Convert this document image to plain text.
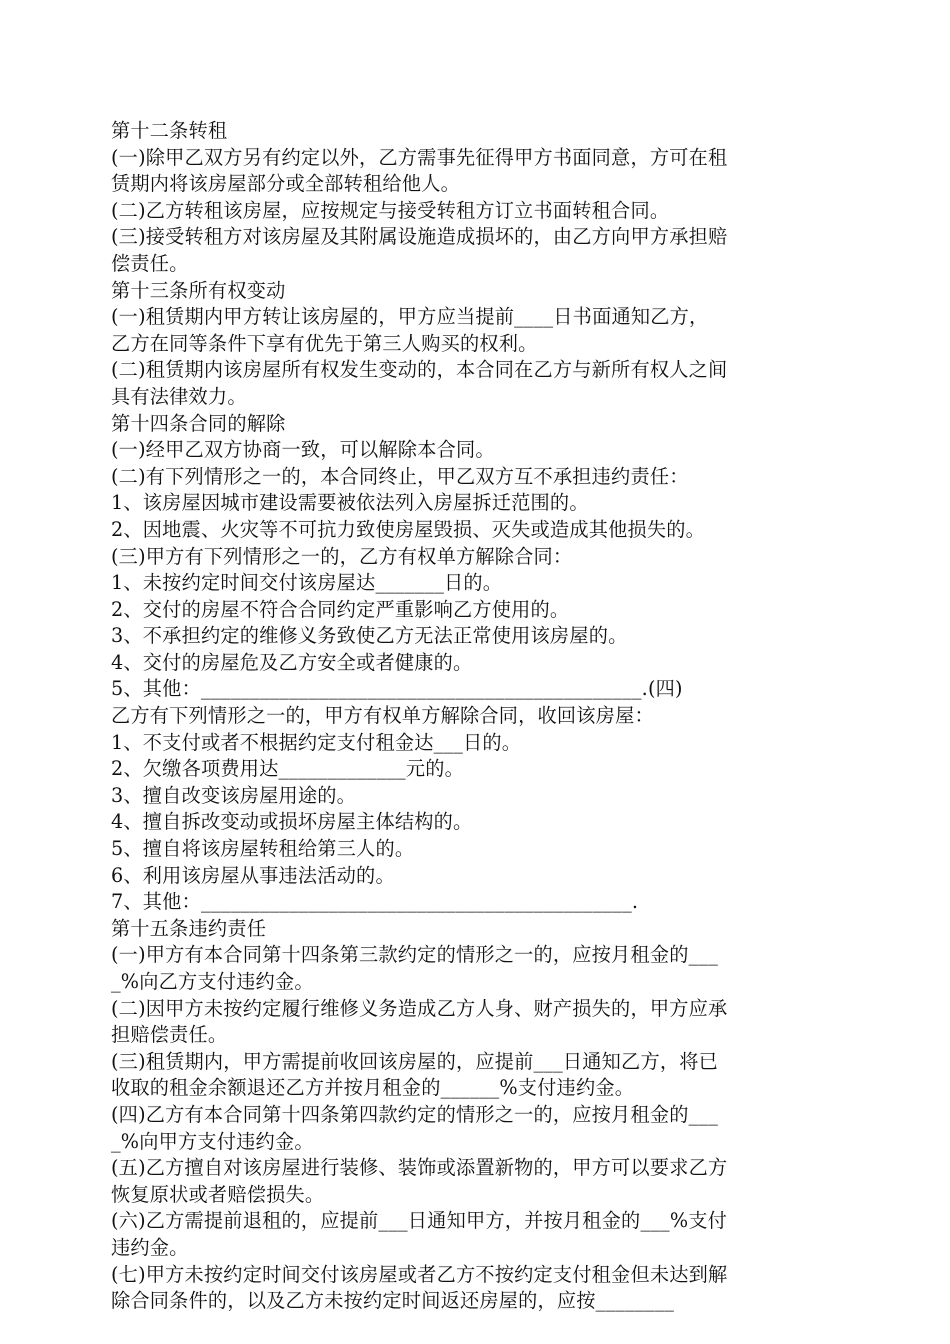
第十二条转租
(一)除甲乙双方另有约定以外，乙方需事先征得甲方书面同意，方可在租
赁期内将该房屋部分或全部转租给他人。
(二)乙方转租该房屋，应按规定与接受转租方订立书面转租合同。
(三)接受转租方对该房屋及其附属设施造成损坏的，由乙方向甲方承担赔
偿责任。
第十三条所有权变动
(一)租赁期内甲方转让该房屋的，甲方应当提前____日书面通知乙方，
乙方在同等条件下享有优先于第三人购买的权利。
(二)租赁期内该房屋所有权发生变动的，本合同在乙方与新所有权人之间
具有法律效力。
第十四条合同的解除
(一)经甲乙双方协商一致，可以解除本合同。
(二)有下列情形之一的，本合同终止，甲乙双方互不承担违约责任：
1、该房屋因城市建设需要被依法列入房屋拆迁范围的。
2、因地震、火灾等不可抗力致使房屋毁损、灭失或造成其他损失的。
(三)甲方有下列情形之一的，乙方有权单方解除合同：
1、未按约定时间交付该房屋达_______日的。
2、交付的房屋不符合合同约定严重影响乙方使用的。
3、不承担约定的维修义务致使乙方无法正常使用该房屋的。
4、交付的房屋危及乙方安全或者健康的。
5、其他：_____________________________________________.(四)
乙方有下列情形之一的，甲方有权单方解除合同，收回该房屋：
1、不支付或者不根据约定支付租金达___日的。
2、欠缴各项费用达_____________元的。
3、擅自改变该房屋用途的。
4、擅自拆改变动或损坏房屋主体结构的。
5、擅自将该房屋转租给第三人的。
6、利用该房屋从事违法活动的。
7、其他：____________________________________________.
第十五条违约责任
(一)甲方有本合同第十四条第三款约定的情形之一的，应按月租金的___
_%向乙方支付违约金。
(二)因甲方未按约定履行维修义务造成乙方人身、财产损失的，甲方应承
担赔偿责任。
(三)租赁期内，甲方需提前收回该房屋的，应提前___日通知乙方，将已
收取的租金余额退还乙方并按月租金的______%支付违约金。
(四)乙方有本合同第十四条第四款约定的情形之一的，应按月租金的___
_%向甲方支付违约金。
(五)乙方擅自对该房屋进行装修、装饰或添置新物的，甲方可以要求乙方
恢复原状或者赔偿损失。
(六)乙方需提前退租的，应提前___日通知甲方，并按月租金的___%支付
违约金。
(七)甲方未按约定时间交付该房屋或者乙方不按约定支付租金但未达到解
除合同条件的，以及乙方未按约定时间返还房屋的，应按________
